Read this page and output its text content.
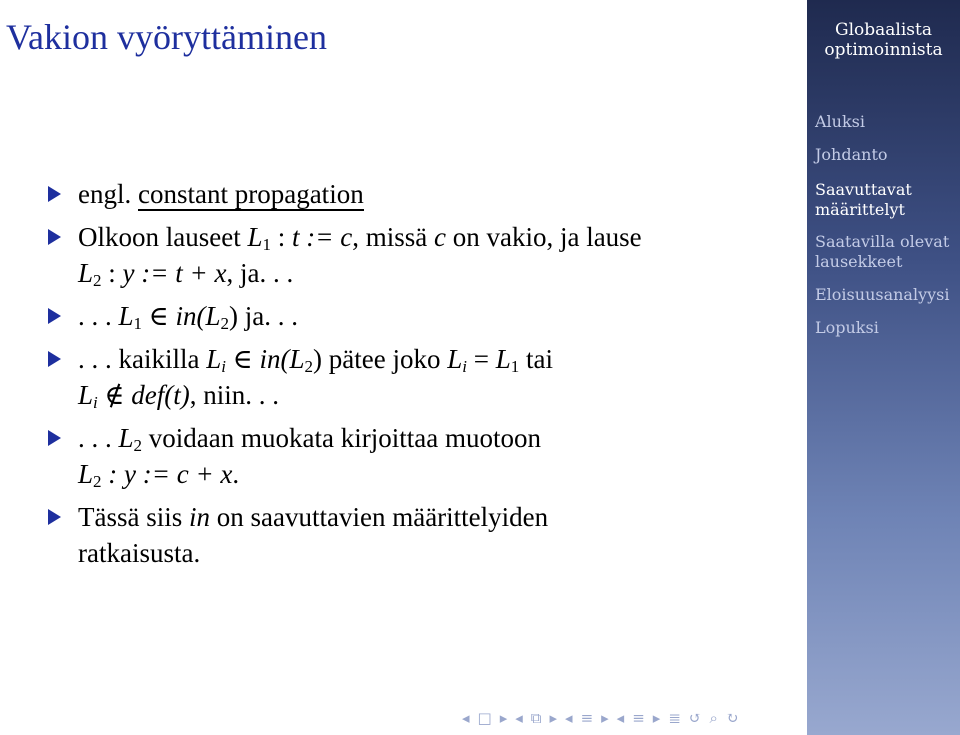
Vakion vyöryttäminen	Globaalista
optimoinnista
Aluksi
Johdanto
Saavuttavat
määrittelyt
Saatavilla olevat
lausekkeet
Eloisuusanalyysi
Lopuksi
engl. constant propagation
Olkoon lauseet $L_1$ : t := c, missä c on vakio, ja lause
$L_2$ : y := t + x, ja. . .
. . . $L_1$ ∈ $in(L_2)$ ja. . .
. . . kaikilla $L_i$ ∈ $in(L_2)$ pätee joko $L_i = L_1$ tai
$L_i$ ∉ def(t), niin. . .
. . . $L_2$ voidaan muokata kirjoittaa muotoon
$L_2$ : y := c + x.
Tässä siis in on saavuttavien määrittelyiden
ratkaisusta.
◂ □ ▸ ◂ ⧉ ▸ ◂ ≡ ▸ ◂ ≡ ▸ ≣ ↺ ⌕ ↻
